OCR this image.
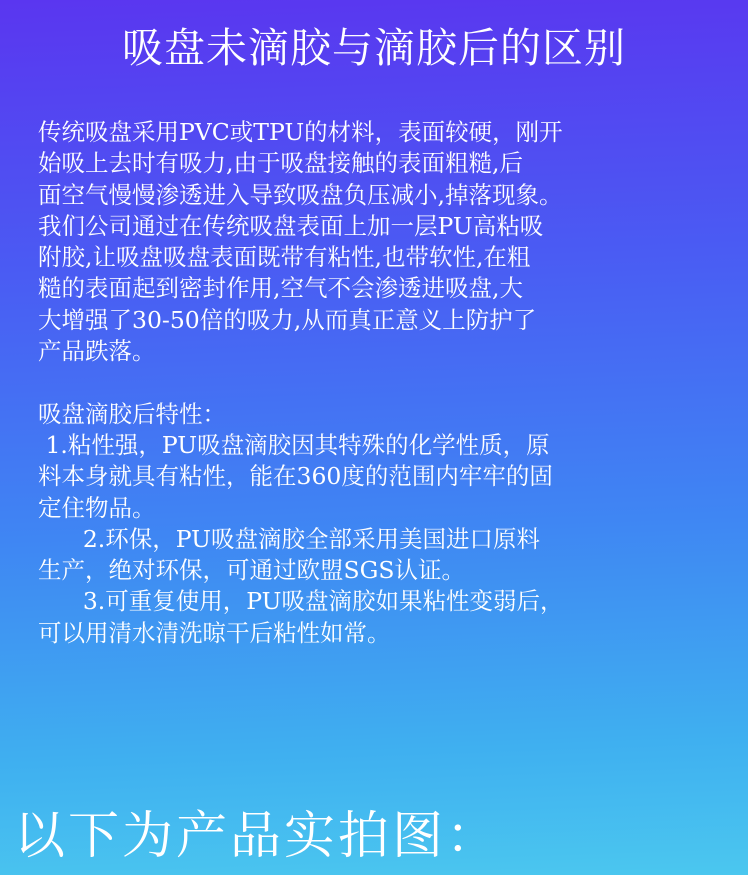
吸盘未滴胶与滴胶后的区别
传统吸盘采用PVC或TPU的材料，表面较硬，刚开
始吸上去时有吸力,由于吸盘接触的表面粗糙,后
面空气慢慢渗透进入导致吸盘负压减小,掉落现象。
我们公司通过在传统吸盘表面上加一层PU高粘吸
附胶,让吸盘吸盘表面既带有粘性,也带软性,在粗
糙的表面起到密封作用,空气不会渗透进吸盘,大
大增强了30-50倍的吸力,从而真正意义上防护了
产品跌落。
吸盘滴胶后特性：
1.粘性强，PU吸盘滴胶因其特殊的化学性质，原
料本身就具有粘性，能在360度的范围内牢牢的固
定住物品。
2.环保，PU吸盘滴胶全部采用美国进口原料
生产，绝对环保，可通过欧盟SGS认证。
3.可重复使用，PU吸盘滴胶如果粘性变弱后，
可以用清水清洗晾干后粘性如常。
以下为产品实拍图：
